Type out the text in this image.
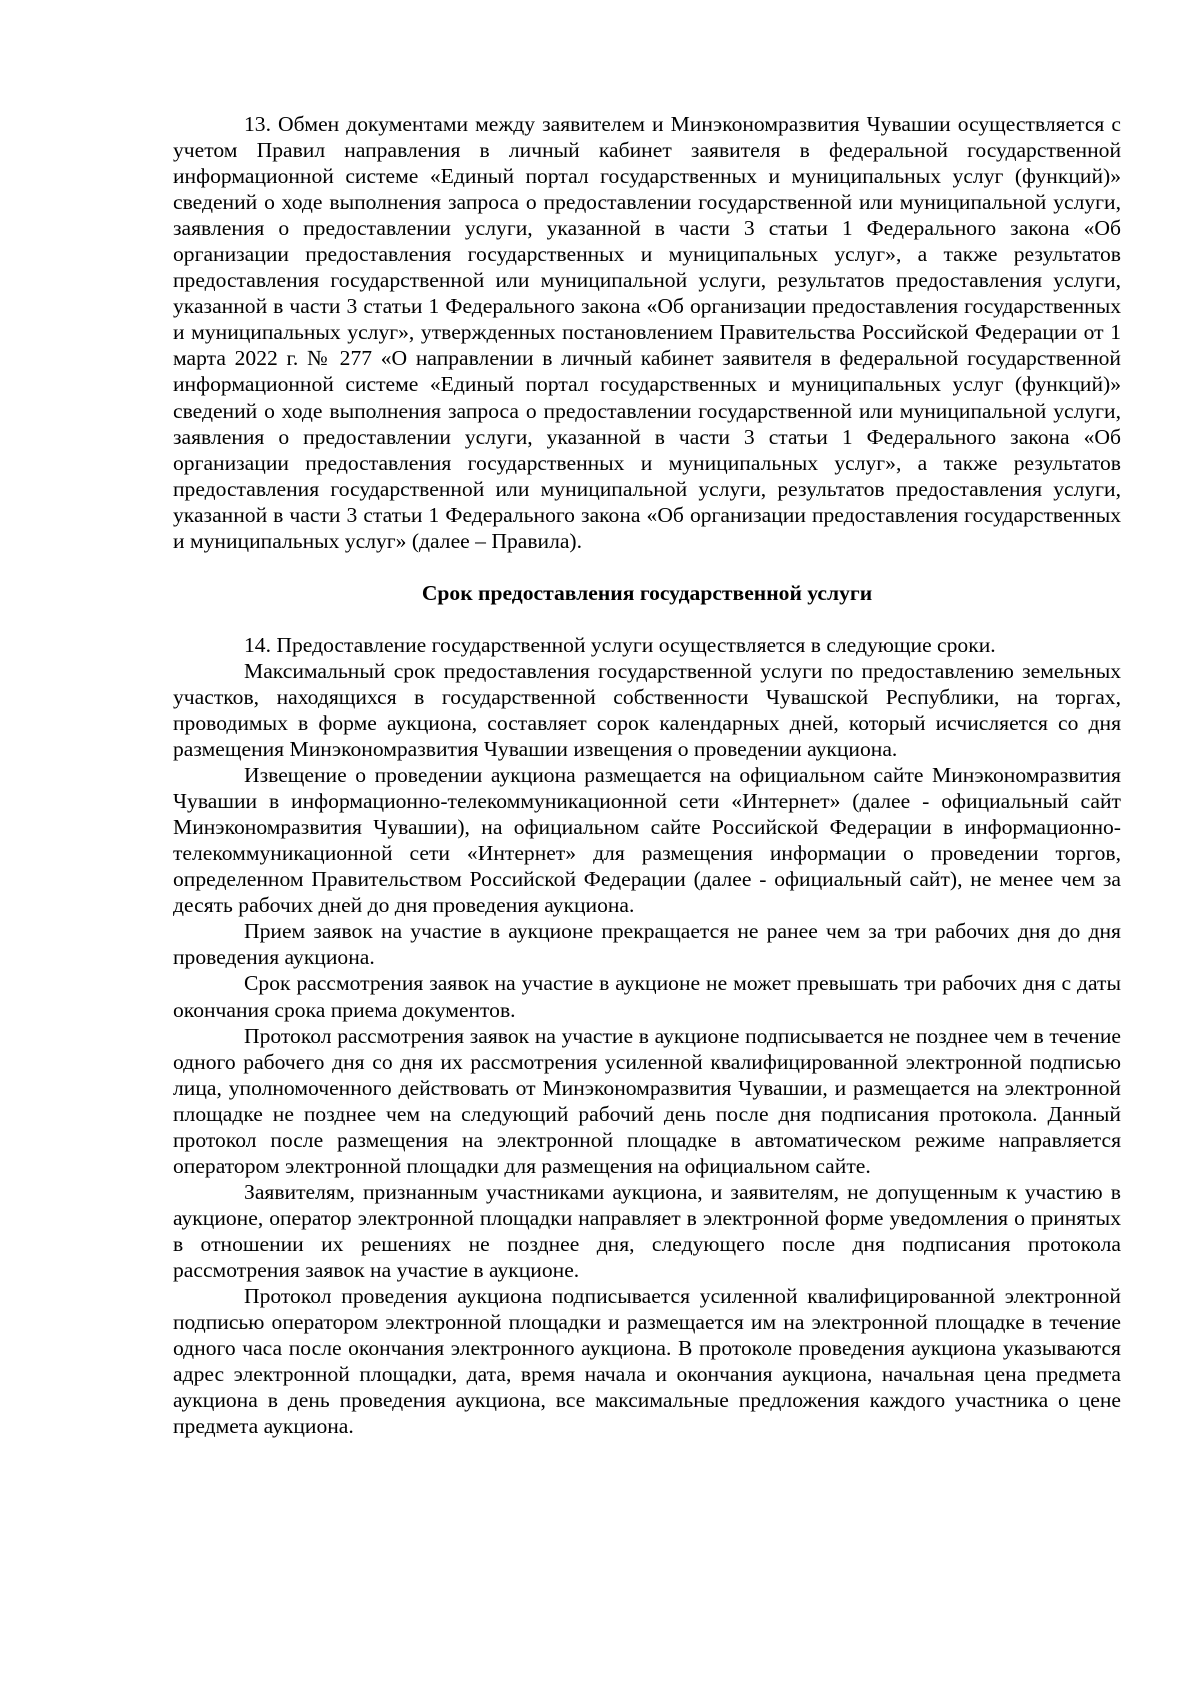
13. Обмен документами между заявителем и Минэкономразвития Чувашии осуществляется с учетом Правил направления в личный кабинет заявителя в федеральной государственной информационной системе «Единый портал государственных и муниципальных услуг (функций)» сведений о ходе выполнения запроса о предоставлении государственной или муниципальной услуги, заявления о предоставлении услуги, указанной в части 3 статьи 1 Федерального закона «Об организации предоставления государственных и муниципальных услуг», а также результатов предоставления государственной или муниципальной услуги, результатов предоставления услуги, указанной в части 3 статьи 1 Федерального закона «Об организации предоставления государственных и муниципальных услуг», утвержденных постановлением Правительства Российской Федерации от 1 марта 2022 г. № 277 «О направлении в личный кабинет заявителя в федеральной государственной информационной системе «Единый портал государственных и муниципальных услуг (функций)» сведений о ходе выполнения запроса о предоставлении государственной или муниципальной услуги, заявления о предоставлении услуги, указанной в части 3 статьи 1 Федерального закона «Об организации предоставления государственных и муниципальных услуг», а также результатов предоставления государственной или муниципальной услуги, результатов предоставления услуги, указанной в части 3 статьи 1 Федерального закона «Об организации предоставления государственных и муниципальных услуг» (далее – Правила).

Срок предоставления государственной услуги

14. Предоставление государственной услуги осуществляется в следующие сроки.

Максимальный срок предоставления государственной услуги по предоставлению земельных участков, находящихся в государственной собственности Чувашской Республики, на торгах, проводимых в форме аукциона, составляет сорок календарных дней, который исчисляется со дня размещения Минэкономразвития Чувашии извещения о проведении аукциона.

Извещение о проведении аукциона размещается на официальном сайте Минэкономразвития Чувашии в информационно-телекоммуникационной сети «Интернет» (далее - официальный сайт Минэкономразвития Чувашии), на официальном сайте Российской Федерации в информационно-телекоммуникационной сети «Интернет» для размещения информации о проведении торгов, определенном Правительством Российской Федерации (далее - официальный сайт), не менее чем за десять рабочих дней до дня проведения аукциона.

Прием заявок на участие в аукционе прекращается не ранее чем за три рабочих дня до дня проведения аукциона.

Срок рассмотрения заявок на участие в аукционе не может превышать три рабочих дня с даты окончания срока приема документов.

Протокол рассмотрения заявок на участие в аукционе подписывается не позднее чем в течение одного рабочего дня со дня их рассмотрения усиленной квалифицированной электронной подписью лица, уполномоченного действовать от Минэкономразвития Чувашии, и размещается на электронной площадке не позднее чем на следующий рабочий день после дня подписания протокола. Данный протокол после размещения на электронной площадке в автоматическом режиме направляется оператором электронной площадки для размещения на официальном сайте.

Заявителям, признанным участниками аукциона, и заявителям, не допущенным к участию в аукционе, оператор электронной площадки направляет в электронной форме уведомления о принятых в отношении их решениях не позднее дня, следующего после дня подписания протокола рассмотрения заявок на участие в аукционе.

Протокол проведения аукциона подписывается усиленной квалифицированной электронной подписью оператором электронной площадки и размещается им на электронной площадке в течение одного часа после окончания электронного аукциона. В протоколе проведения аукциона указываются адрес электронной площадки, дата, время начала и окончания аукциона, начальная цена предмета аукциона в день проведения аукциона, все максимальные предложения каждого участника о цене предмета аукциона.
